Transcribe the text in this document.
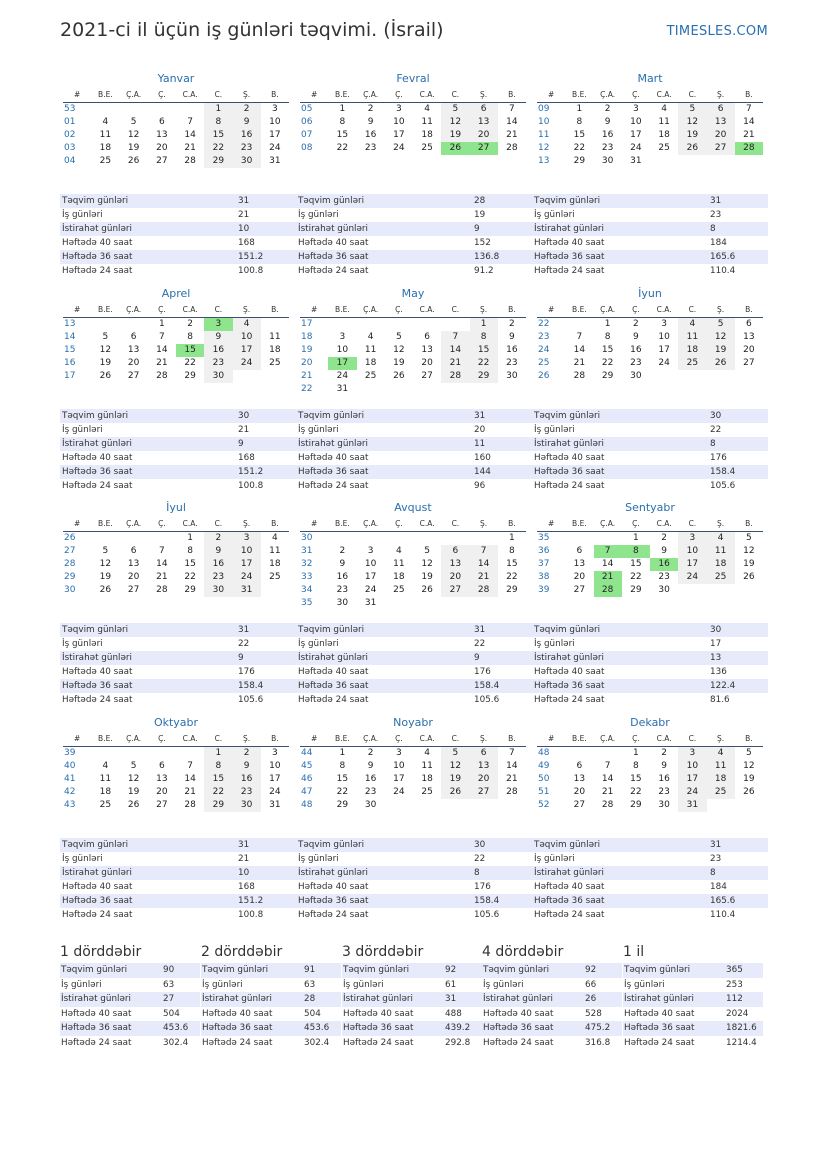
2021-ci il üçün iş günləri təqvimi. (İsrail)	TIMESLES.COM
Yanvar
#	B.E.	Ç.A.	Ç.	C.A.	C.	Ş.	B.
53					1	2	3
01	4	5	6	7	8	9	10
02	11	12	13	14	15	16	17
03	18	19	20	21	22	23	24
04	25	26	27	28	29	30	31
Təqvim günləri	31
İş günləri	21
İstirahət günləri	10
Həftədə 40 saat	168
Həftədə 36 saat	151.2
Həftədə 24 saat	100.8
Fevral
#	B.E.	Ç.A.	Ç.	C.A.	C.	Ş.	B.
05	1	2	3	4	5	6	7
06	8	9	10	11	12	13	14
07	15	16	17	18	19	20	21
08	22	23	24	25	26	27	28
Təqvim günləri	28
İş günləri	19
İstirahət günləri	9
Həftədə 40 saat	152
Həftədə 36 saat	136.8
Həftədə 24 saat	91.2
Mart
#	B.E.	Ç.A.	Ç.	C.A.	C.	Ş.	B.
09	1	2	3	4	5	6	7
10	8	9	10	11	12	13	14
11	15	16	17	18	19	20	21
12	22	23	24	25	26	27	28
13	29	30	31				
Təqvim günləri	31
İş günləri	23
İstirahət günləri	8
Həftədə 40 saat	184
Həftədə 36 saat	165.6
Həftədə 24 saat	110.4
Aprel
#	B.E.	Ç.A.	Ç.	C.A.	C.	Ş.	B.
13			1	2	3	4	
14	5	6	7	8	9	10	11
15	12	13	14	15	16	17	18
16	19	20	21	22	23	24	25
17	26	27	28	29	30		
Təqvim günləri	30
İş günləri	21
İstirahət günləri	9
Həftədə 40 saat	168
Həftədə 36 saat	151.2
Həftədə 24 saat	100.8
May
#	B.E.	Ç.A.	Ç.	C.A.	C.	Ş.	B.
17						1	2
18	3	4	5	6	7	8	9
19	10	11	12	13	14	15	16
20	17	18	19	20	21	22	23
21	24	25	26	27	28	29	30
22	31						
Təqvim günləri	31
İş günləri	20
İstirahət günləri	11
Həftədə 40 saat	160
Həftədə 36 saat	144
Həftədə 24 saat	96
İyun
#	B.E.	Ç.A.	Ç.	C.A.	C.	Ş.	B.
22		1	2	3	4	5	6
23	7	8	9	10	11	12	13
24	14	15	16	17	18	19	20
25	21	22	23	24	25	26	27
26	28	29	30				
Təqvim günləri	30
İş günləri	22
İstirahət günləri	8
Həftədə 40 saat	176
Həftədə 36 saat	158.4
Həftədə 24 saat	105.6
İyul
#	B.E.	Ç.A.	Ç.	C.A.	C.	Ş.	B.
26				1	2	3	4
27	5	6	7	8	9	10	11
28	12	13	14	15	16	17	18
29	19	20	21	22	23	24	25
30	26	27	28	29	30	31	
Təqvim günləri	31
İş günləri	22
İstirahət günləri	9
Həftədə 40 saat	176
Həftədə 36 saat	158.4
Həftədə 24 saat	105.6
Avqust
#	B.E.	Ç.A.	Ç.	C.A.	C.	Ş.	B.
30							1
31	2	3	4	5	6	7	8
32	9	10	11	12	13	14	15
33	16	17	18	19	20	21	22
34	23	24	25	26	27	28	29
35	30	31					
Təqvim günləri	31
İş günləri	22
İstirahət günləri	9
Həftədə 40 saat	176
Həftədə 36 saat	158.4
Həftədə 24 saat	105.6
Sentyabr
#	B.E.	Ç.A.	Ç.	C.A.	C.	Ş.	B.
35			1	2	3	4	5
36	6	7	8	9	10	11	12
37	13	14	15	16	17	18	19
38	20	21	22	23	24	25	26
39	27	28	29	30			
Təqvim günləri	30
İş günləri	17
İstirahət günləri	13
Həftədə 40 saat	136
Həftədə 36 saat	122.4
Həftədə 24 saat	81.6
Oktyabr
#	B.E.	Ç.A.	Ç.	C.A.	C.	Ş.	B.
39					1	2	3
40	4	5	6	7	8	9	10
41	11	12	13	14	15	16	17
42	18	19	20	21	22	23	24
43	25	26	27	28	29	30	31
Təqvim günləri	31
İş günləri	21
İstirahət günləri	10
Həftədə 40 saat	168
Həftədə 36 saat	151.2
Həftədə 24 saat	100.8
Noyabr
#	B.E.	Ç.A.	Ç.	C.A.	C.	Ş.	B.
44	1	2	3	4	5	6	7
45	8	9	10	11	12	13	14
46	15	16	17	18	19	20	21
47	22	23	24	25	26	27	28
48	29	30					
Təqvim günləri	30
İş günləri	22
İstirahət günləri	8
Həftədə 40 saat	176
Həftədə 36 saat	158.4
Həftədə 24 saat	105.6
Dekabr
#	B.E.	Ç.A.	Ç.	C.A.	C.	Ş.	B.
48			1	2	3	4	5
49	6	7	8	9	10	11	12
50	13	14	15	16	17	18	19
51	20	21	22	23	24	25	26
52	27	28	29	30	31		
Təqvim günləri	31
İş günləri	23
İstirahət günləri	8
Həftədə 40 saat	184
Həftədə 36 saat	165.6
Həftədə 24 saat	110.4
1 dörddəbir
Təqvim günləri	90
İş günləri	63
İstirahət günləri	27
Həftədə 40 saat	504
Həftədə 36 saat	453.6
Həftədə 24 saat	302.4
2 dörddəbir
Təqvim günləri	91
İş günləri	63
İstirahət günləri	28
Həftədə 40 saat	504
Həftədə 36 saat	453.6
Həftədə 24 saat	302.4
3 dörddəbir
Təqvim günləri	92
İş günləri	61
İstirahət günləri	31
Həftədə 40 saat	488
Həftədə 36 saat	439.2
Həftədə 24 saat	292.8
4 dörddəbir
Təqvim günləri	92
İş günləri	66
İstirahət günləri	26
Həftədə 40 saat	528
Həftədə 36 saat	475.2
Həftədə 24 saat	316.8
1 il
Təqvim günləri	365
İş günləri	253
İstirahət günləri	112
Həftədə 40 saat	2024
Həftədə 36 saat	1821.6
Həftədə 24 saat	1214.4
